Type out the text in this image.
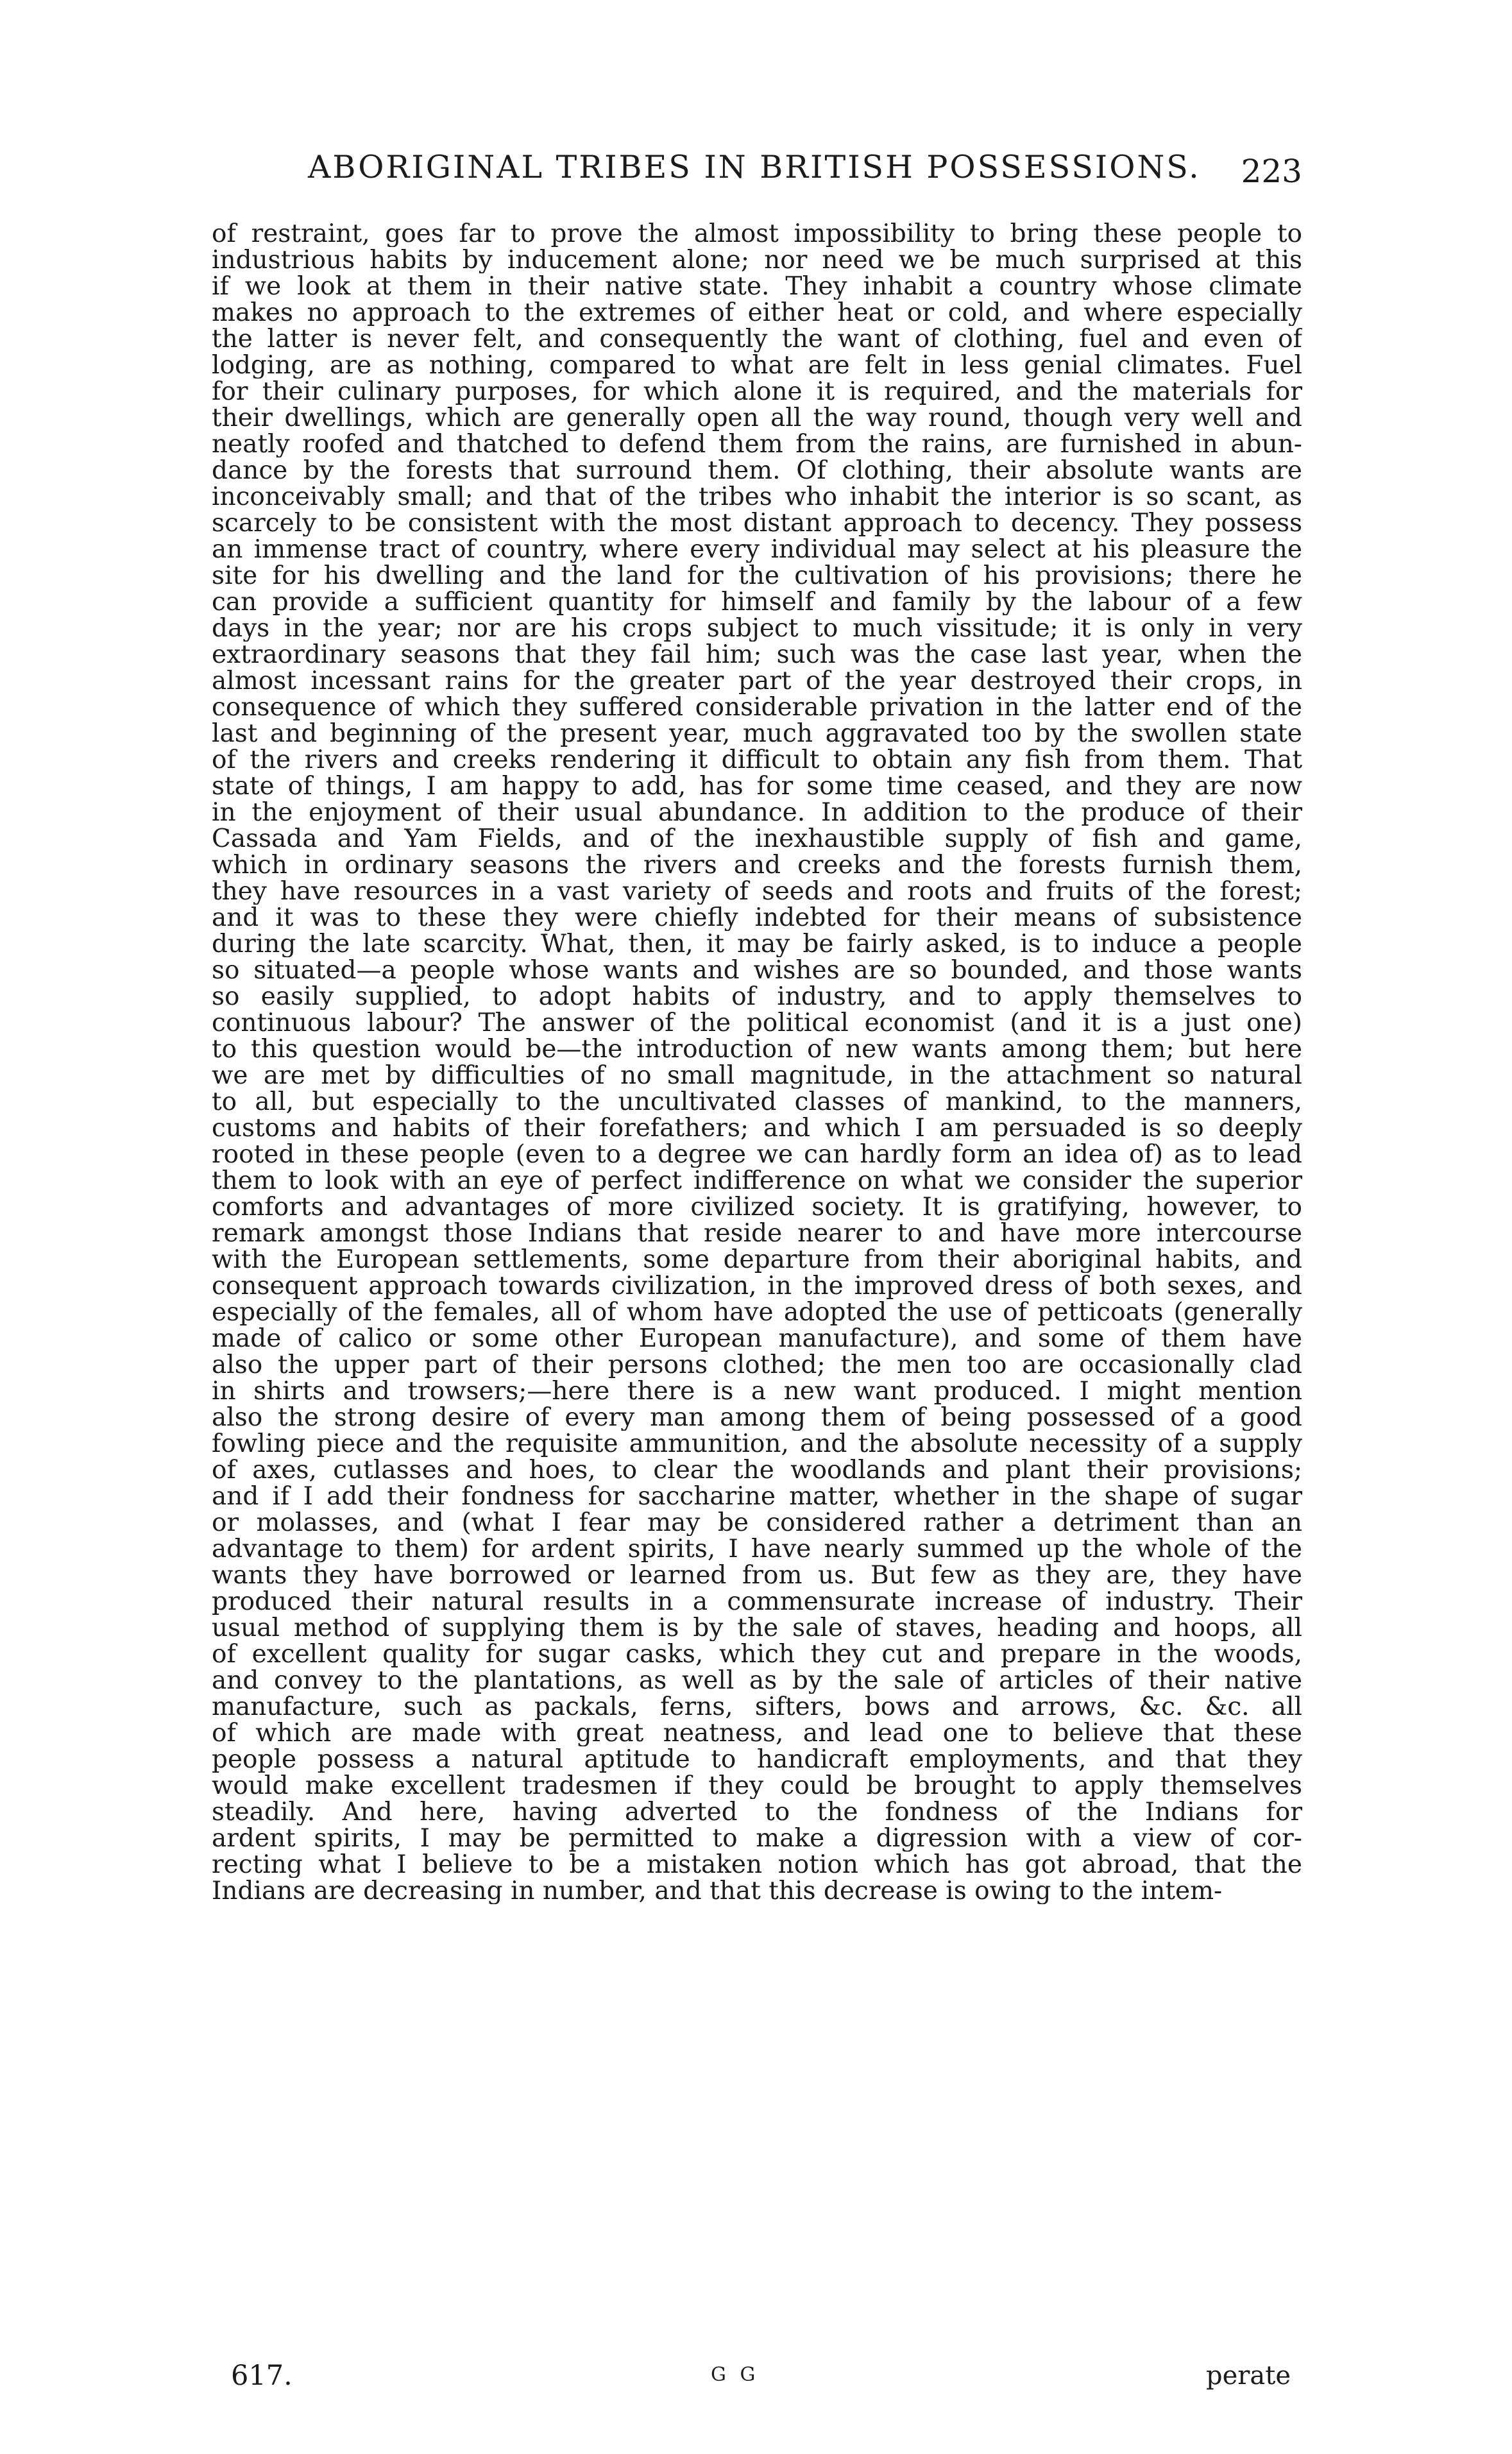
ABORIGINAL TRIBES IN BRITISH POSSESSIONS. 223
of restraint, goes far to prove the almost impossibility to bring these people to
industrious habits by inducement alone; nor need we be much surprised at this
if we look at them in their native state. They inhabit a country whose climate
makes no approach to the extremes of either heat or cold, and where especially
the latter is never felt, and consequently the want of clothing, fuel and even of
lodging, are as nothing, compared to what are felt in less genial climates. Fuel
for their culinary purposes, for which alone it is required, and the materials for
their dwellings, which are generally open all the way round, though very well and
neatly roofed and thatched to defend them from the rains, are furnished in abun-
dance by the forests that surround them. Of clothing, their absolute wants are
inconceivably small; and that of the tribes who inhabit the interior is so scant, as
scarcely to be consistent with the most distant approach to decency. They possess
an immense tract of country, where every individual may select at his pleasure the
site for his dwelling and the land for the cultivation of his provisions; there he
can provide a sufficient quantity for himself and family by the labour of a few
days in the year; nor are his crops subject to much vissitude; it is only in very
extraordinary seasons that they fail him; such was the case last year, when the
almost incessant rains for the greater part of the year destroyed their crops, in
consequence of which they suffered considerable privation in the latter end of the
last and beginning of the present year, much aggravated too by the swollen state
of the rivers and creeks rendering it difficult to obtain any fish from them. That
state of things, I am happy to add, has for some time ceased, and they are now
in the enjoyment of their usual abundance. In addition to the produce of their
Cassada and Yam Fields, and of the inexhaustible supply of fish and game,
which in ordinary seasons the rivers and creeks and the forests furnish them,
they have resources in a vast variety of seeds and roots and fruits of the forest;
and it was to these they were chiefly indebted for their means of subsistence
during the late scarcity. What, then, it may be fairly asked, is to induce a people
so situated—a people whose wants and wishes are so bounded, and those wants
so easily supplied, to adopt habits of industry, and to apply themselves to
continuous labour? The answer of the political economist (and it is a just one)
to this question would be—the introduction of new wants among them; but here
we are met by difficulties of no small magnitude, in the attachment so natural
to all, but especially to the uncultivated classes of mankind, to the manners,
customs and habits of their forefathers; and which I am persuaded is so deeply
rooted in these people (even to a degree we can hardly form an idea of) as to lead
them to look with an eye of perfect indifference on what we consider the superior
comforts and advantages of more civilized society. It is gratifying, however, to
remark amongst those Indians that reside nearer to and have more intercourse
with the European settlements, some departure from their aboriginal habits, and
consequent approach towards civilization, in the improved dress of both sexes, and
especially of the females, all of whom have adopted the use of petticoats (generally
made of calico or some other European manufacture), and some of them have
also the upper part of their persons clothed; the men too are occasionally clad
in shirts and trowsers;—here there is a new want produced. I might mention
also the strong desire of every man among them of being possessed of a good
fowling piece and the requisite ammunition, and the absolute necessity of a supply
of axes, cutlasses and hoes, to clear the woodlands and plant their provisions;
and if I add their fondness for saccharine matter, whether in the shape of sugar
or molasses, and (what I fear may be considered rather a detriment than an
advantage to them) for ardent spirits, I have nearly summed up the whole of the
wants they have borrowed or learned from us. But few as they are, they have
produced their natural results in a commensurate increase of industry. Their
usual method of supplying them is by the sale of staves, heading and hoops, all
of excellent quality for sugar casks, which they cut and prepare in the woods,
and convey to the plantations, as well as by the sale of articles of their native
manufacture, such as packals, ferns, sifters, bows and arrows, &c. &c. all
of which are made with great neatness, and lead one to believe that these
people possess a natural aptitude to handicraft employments, and that they
would make excellent tradesmen if they could be brought to apply themselves
steadily. And here, having adverted to the fondness of the Indians for
ardent spirits, I may be permitted to make a digression with a view of cor-
recting what I believe to be a mistaken notion which has got abroad, that the
Indians are decreasing in number, and that this decrease is owing to the intem-
617.	G G	perate
